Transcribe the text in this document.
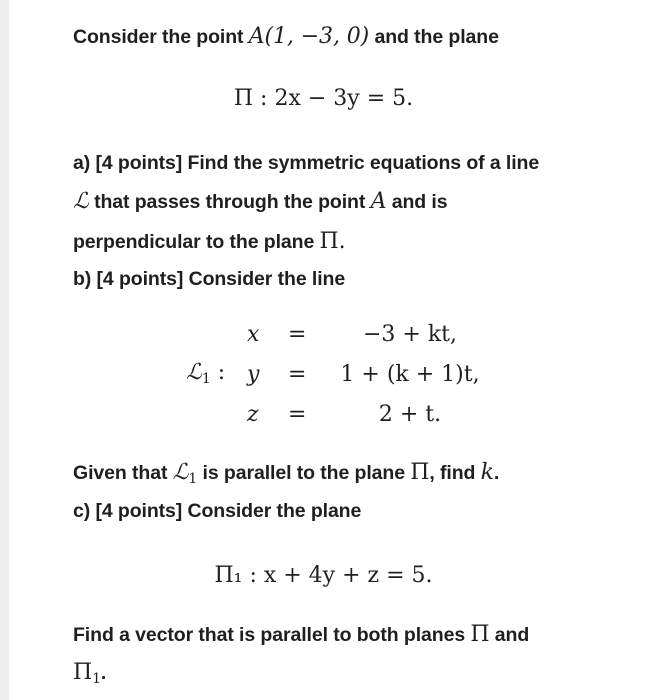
Consider the point A(1, −3, 0) and the plane
Π : 2x − 3y = 5.
a) [4 points] Find the symmetric equations of a line
ℒ that passes through the point A and is
perpendicular to the plane Π.
b) [4 points] Consider the line
ℒ$_1$ :
x =	−3 + kt,
y =	1 + (k + 1)t,
z =	2 + t.
Given that ℒ$_1$ is parallel to the plane Π, find k.
c) [4 points] Consider the plane
Π₁ : x + 4y + z = 5.
Find a vector that is parallel to both planes Π and
$\Pi_1$.
